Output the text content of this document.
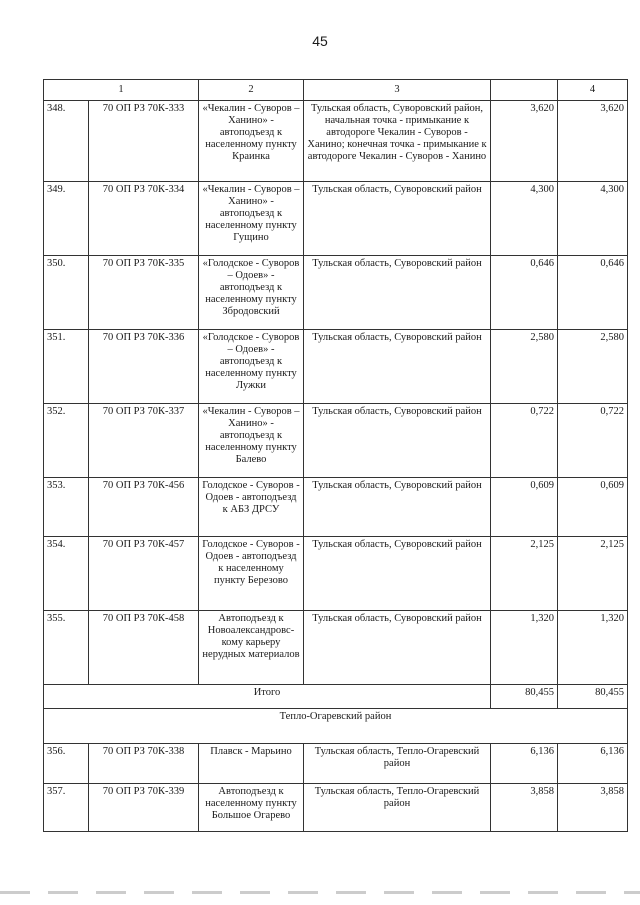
45
1		2	3		4
348.	70 ОП РЗ 70К-333	«Чекалин - Суворов – Ханино» - автоподъезд к населенному пункту Краинка	Тульская область, Суворовский район, начальная точка - примыкание к автодороге Чекалин - Суворов - Ханино; конечная точка - примыкание к автодороге Чекалин - Суворов - Ханино	3,620	3,620
349.	70 ОП РЗ 70К-334	«Чекалин - Суворов – Ханино» - автоподъезд к населенному пункту Гущино	Тульская область, Суворовский район	4,300	4,300
350.	70 ОП РЗ 70К-335	«Голодское - Суворов – Одоев» - автоподъезд к населенному пункту Збродовский	Тульская область, Суворовский район	0,646	0,646
351.	70 ОП РЗ 70К-336	«Голодское - Суворов – Одоев» - автоподъезд к населенному пункту Лужки	Тульская область, Суворовский район	2,580	2,580
352.	70 ОП РЗ 70К-337	«Чекалин - Суворов – Ханино» - автоподъезд к населенному пункту Балево	Тульская область, Суворовский район	0,722	0,722
353.	70 ОП РЗ 70К-456	Голодское - Суворов - Одоев - автоподъезд к АБЗ ДРСУ	Тульская область, Суворовский район	0,609	0,609
354.	70 ОП РЗ 70К-457	Голодское - Суворов - Одоев - автоподъезд к населенному пункту Березово	Тульская область, Суворовский район	2,125	2,125
355.	70 ОП РЗ 70К-458	Автоподъезд к Новоалександровс-кому карьеру нерудных материалов	Тульская область, Суворовский район	1,320	1,320
Итого				80,455	80,455
Тепло-Огаревский район					
356.	70 ОП РЗ 70К-338	Плавск - Марьино	Тульская область, Тепло-Огаревский район	6,136	6,136
357.	70 ОП РЗ 70К-339	Автоподъезд к населенному пункту Большое Огарево	Тульская область, Тепло-Огаревский район	3,858	3,858
